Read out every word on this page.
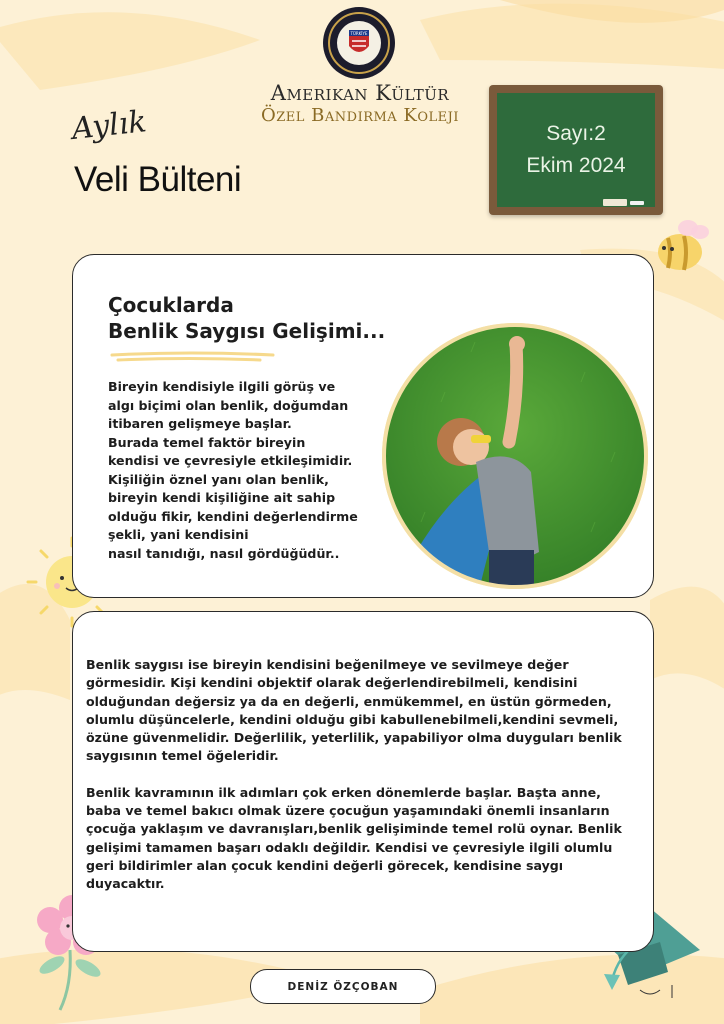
TÜRKİYE
Amerikan Kültür
Özel Bandırma Koleji
Aylık
Veli Bülteni
Sayı:2
Ekim 2024
Çocuklarda
Benlik Saygısı Gelişimi...
Bireyin kendisiyle ilgili görüş ve
algı biçimi olan benlik, doğumdan
itibaren gelişmeye başlar.
Burada temel faktör bireyin
kendisi ve çevresiyle etkileşimidir.
Kişiliğin öznel yanı olan benlik,
bireyin kendi kişiliğine ait sahip
olduğu fikir, kendini değerlendirme
şekli, yani kendisini
nasıl tanıdığı, nasıl gördüğüdür..

Benlik saygısı ise bireyin kendisini beğenilmeye ve sevilmeye değer görmesidir. Kişi kendini objektif olarak değerlendirebilmeli, kendisini olduğundan değersiz ya da en değerli, enmükemmel, en üstün görmeden, olumlu düşüncelerle, kendini olduğu gibi kabullenebilmeli,kendini sevmeli, özüne güvenmelidir. Değerlilik, yeterlilik, yapabiliyor olma duyguları benlik saygısının temel öğeleridir.

Benlik kavramının ilk adımları çok erken dönemlerde başlar. Başta anne, baba ve temel bakıcı olmak üzere çocuğun yaşamındaki önemli insanların çocuğa yaklaşım ve davranışları,benlik gelişiminde temel rolü oynar. Benlik gelişimi tamamen başarı odaklı değildir. Kendisi ve çevresiyle ilgili olumlu geri bildirimler alan çocuk kendini değerli görecek, kendisine saygı duyacaktır.

DENİZ ÖZÇOBAN
